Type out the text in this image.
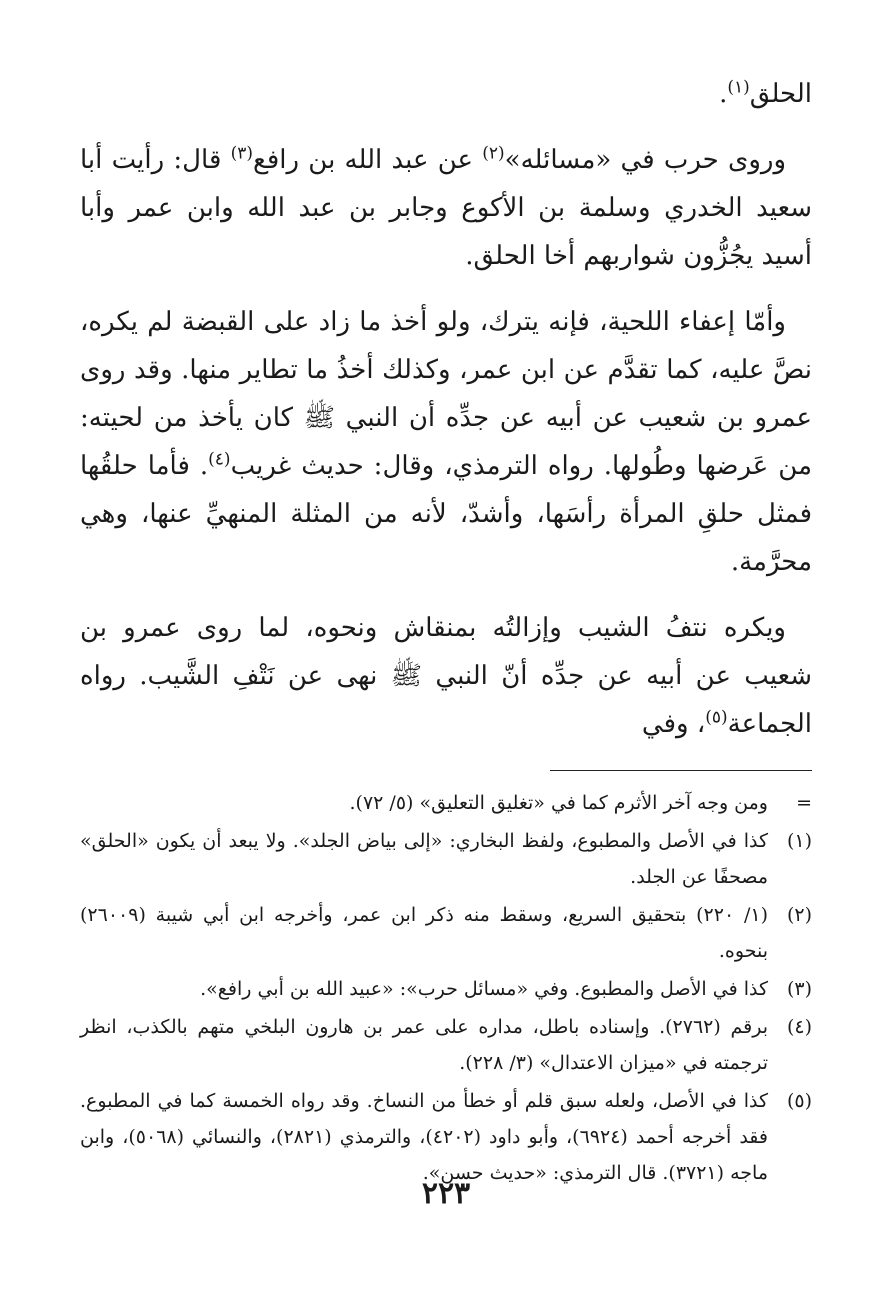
الحلق$^{(١)}$.

وروى حرب في «مسائله»$^{(٢)}$ عن عبد الله بن رافع$^{(٣)}$ قال: رأيت أبا سعيد الخدري وسلمة بن الأكوع وجابر بن عبد الله وابن عمر وأبا أسيد يجُزُّون شواربهم أخا الحلق.

وأمّا إعفاء اللحية، فإنه يترك، ولو أخذ ما زاد على القبضة لم يكره، نصَّ عليه، كما تقدَّم عن ابن عمر، وكذلك أخذُ ما تطاير منها. وقد روى عمرو بن شعيب عن أبيه عن جدِّه أن النبي ﷺ كان يأخذ من لحيته: من عَرضها وطُولها. رواه الترمذي، وقال: حديث غريب$^{(٤)}$. فأما حلقُها فمثل حلقِ المرأة رأسَها، وأشدّ، لأنه من المثلة المنهيِّ عنها، وهي محرَّمة.

ويكره نتفُ الشيب وإزالتُه بمنقاش ونحوه، لما روى عمرو بن شعيب عن أبيه عن جدِّه أنّ النبي ﷺ نهى عن نَتْفِ الشَّيب. رواه الجماعة$^{(٥)}$، وفي

=
ومن وجه آخر الأثرم كما في «تغليق التعليق» (٥/ ٧٢).
(١)
كذا في الأصل والمطبوع، ولفظ البخاري: «إلى بياض الجلد». ولا يبعد أن يكون «الحلق» مصحفًا عن الجلد.
(٢)
(١/ ٢٢٠) بتحقيق السريع، وسقط منه ذكر ابن عمر، وأخرجه ابن أبي شيبة (٢٦٠٠٩) بنحوه.
(٣)
كذا في الأصل والمطبوع. وفي «مسائل حرب»: «عبيد الله بن أبي رافع».
(٤)
برقم (٢٧٦٢). وإسناده باطل، مداره على عمر بن هارون البلخي متهم بالكذب، انظر ترجمته في «ميزان الاعتدال» (٣/ ٢٢٨).
(٥)
كذا في الأصل، ولعله سبق قلم أو خطأ من النساخ. وقد رواه الخمسة كما في المطبوع. فقد أخرجه أحمد (٦٩٢٤)، وأبو داود (٤٢٠٢)، والترمذي (٢٨٢١)، والنسائي (٥٠٦٨)، وابن ماجه (٣٧٢١). قال الترمذي: «حديث حسن».
٢٢٣
